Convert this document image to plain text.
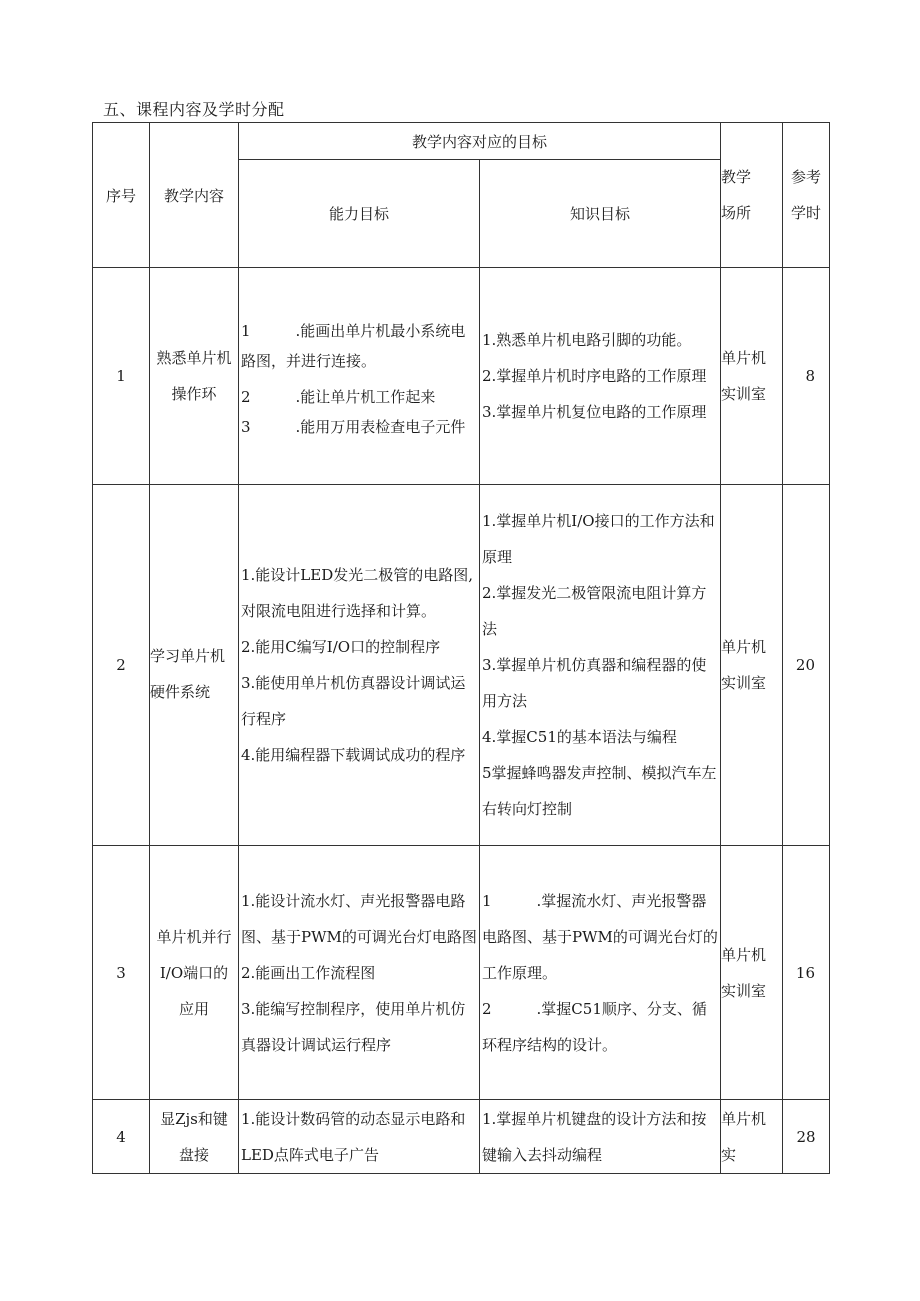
五、课程内容及学时分配
序号	教学内容	教学内容对应的目标		教学
场所	参考
学时

		能力目标	知识目标		
1	熟悉单片机
操作环	1　　　.能画出单片机最小系统电
路图，并进行连接。
2　　　.能让单片机工作起来
3　　　.能用万用表检查电子元件	1.熟悉单片机电路引脚的功能。
2.掌握单片机时序电路的工作原理
3.掌握单片机复位电路的工作原理	单片机
实训室	8
2	学习单片机
硬件系统	1.能设计LED发光二极管的电路图,对限流电阻进行选择和计算。
2.能用C编写I/O口的控制程序
3.能使用单片机仿真器设计调试运行程序
4.能用编程器下载调试成功的程序	1.掌握单片机I/O接口的工作方法和原理
2.掌握发光二极管限流电阻计算方法
3.掌握单片机仿真器和编程器的使用方法
4.掌握C51的基本语法与编程
5掌握蜂鸣器发声控制、模拟汽车左右转向灯控制	单片机
实训室	20
3	单片机并行
I/O端口的
应用	1.能设计流水灯、声光报警器电路图、基于PWM的可调光台灯电路图
2.能画出工作流程图
3.能编写控制程序，使用单片机仿真器设计调试运行程序	1　　　.掌握流水灯、声光报警器电路图、基于PWM的可调光台灯的工作原理。
2　　　.掌握C51顺序、分支、循环程序结构的设计。	单片机
实训室	16

4	显Zjs和键
盘接	1.能设计数码管的动态显示电路和LED点阵式电子广告	1.掌握单片机键盘的设计方法和按键输入去抖动编程	单片机
实	28
